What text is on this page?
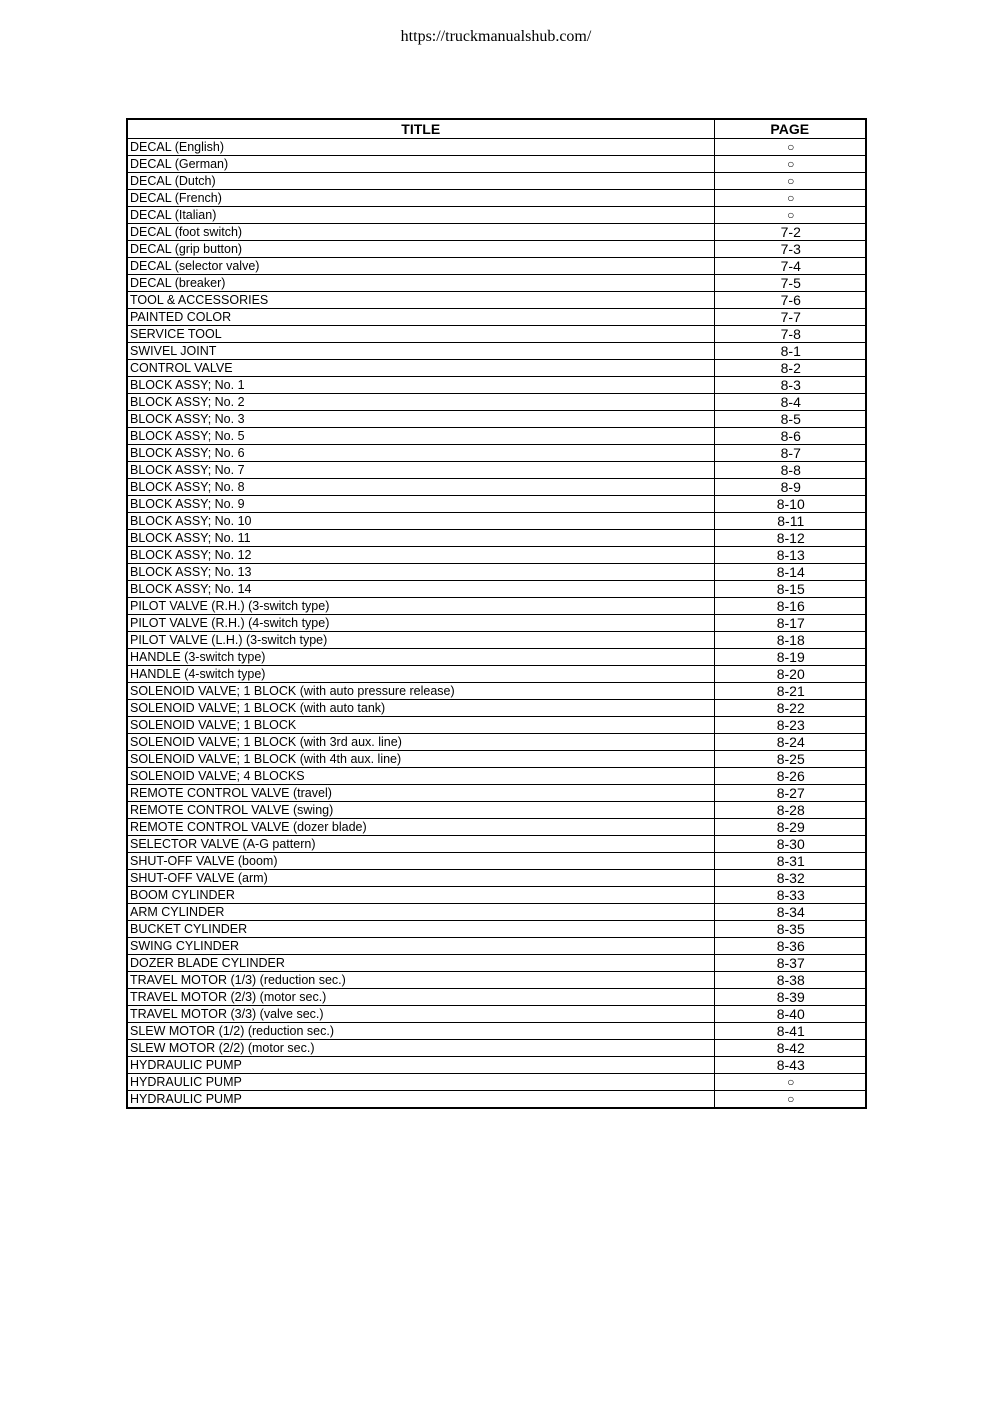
https://truckmanualshub.com/
TITLE	PAGE
DECAL (English)	○
DECAL (German)	○
DECAL (Dutch)	○
DECAL (French)	○
DECAL (Italian)	○
DECAL (foot switch)	7-2
DECAL (grip button)	7-3
DECAL (selector valve)	7-4
DECAL (breaker)	7-5
TOOL & ACCESSORIES	7-6
PAINTED COLOR	7-7
SERVICE TOOL	7-8
SWIVEL JOINT	8-1
CONTROL VALVE	8-2
BLOCK ASSY; No. 1	8-3
BLOCK ASSY; No. 2	8-4
BLOCK ASSY; No. 3	8-5
BLOCK ASSY; No. 5	8-6
BLOCK ASSY; No. 6	8-7
BLOCK ASSY; No. 7	8-8
BLOCK ASSY; No. 8	8-9
BLOCK ASSY; No. 9	8-10
BLOCK ASSY; No. 10	8-11
BLOCK ASSY; No. 11	8-12
BLOCK ASSY; No. 12	8-13
BLOCK ASSY; No. 13	8-14
BLOCK ASSY; No. 14	8-15
PILOT VALVE (R.H.) (3-switch type)	8-16
PILOT VALVE (R.H.) (4-switch type)	8-17
PILOT VALVE (L.H.) (3-switch type)	8-18
HANDLE (3-switch type)	8-19
HANDLE (4-switch type)	8-20
SOLENOID VALVE; 1 BLOCK (with auto pressure release)	8-21
SOLENOID VALVE; 1 BLOCK (with auto tank)	8-22
SOLENOID VALVE; 1 BLOCK	8-23
SOLENOID VALVE; 1 BLOCK (with 3rd aux. line)	8-24
SOLENOID VALVE; 1 BLOCK (with 4th aux. line)	8-25
SOLENOID VALVE; 4 BLOCKS	8-26
REMOTE CONTROL VALVE (travel)	8-27
REMOTE CONTROL VALVE (swing)	8-28
REMOTE CONTROL VALVE (dozer blade)	8-29
SELECTOR VALVE (A-G pattern)	8-30
SHUT-OFF VALVE (boom)	8-31
SHUT-OFF VALVE (arm)	8-32
BOOM CYLINDER	8-33
ARM CYLINDER	8-34
BUCKET CYLINDER	8-35
SWING CYLINDER	8-36
DOZER BLADE CYLINDER	8-37
TRAVEL MOTOR (1/3) (reduction sec.)	8-38
TRAVEL MOTOR (2/3) (motor sec.)	8-39
TRAVEL MOTOR (3/3) (valve sec.)	8-40
SLEW MOTOR (1/2) (reduction sec.)	8-41
SLEW MOTOR (2/2) (motor sec.)	8-42
HYDRAULIC PUMP	8-43
HYDRAULIC PUMP	○
HYDRAULIC PUMP	○
